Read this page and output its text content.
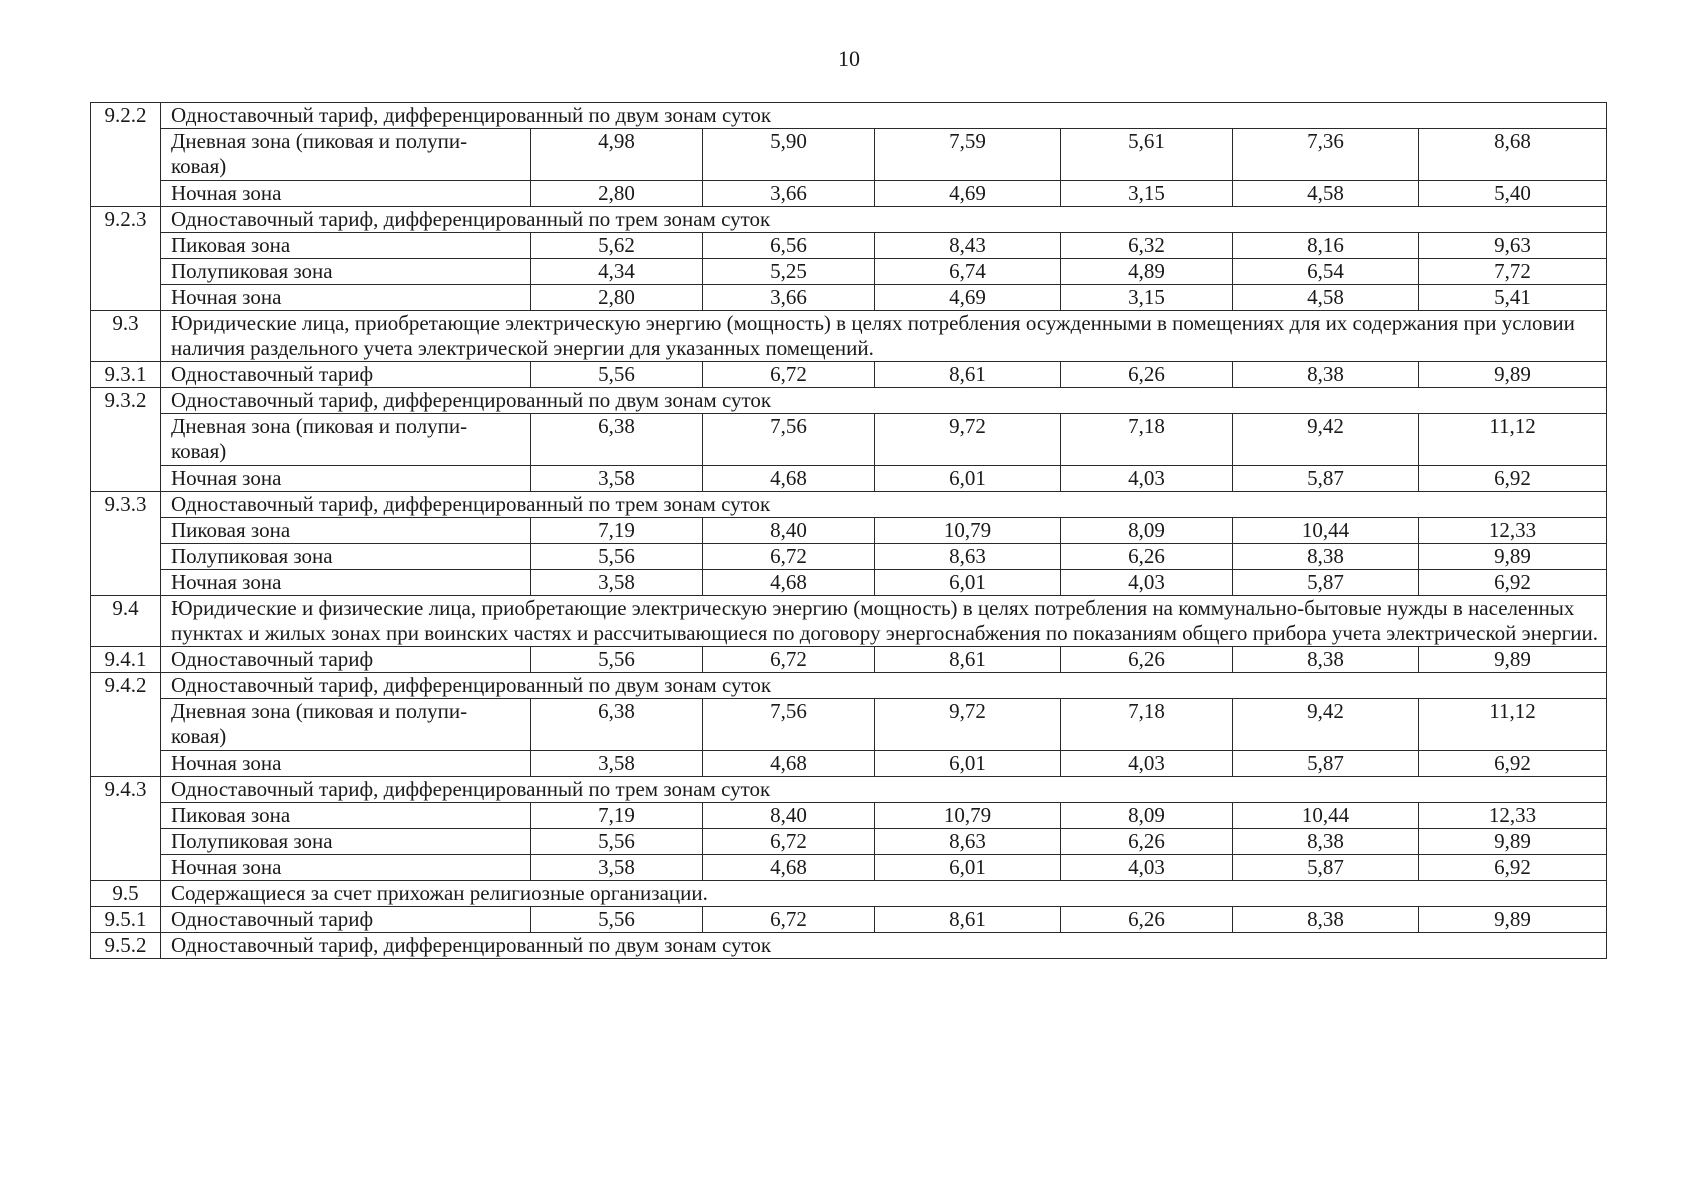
10
9.2.2	Одноставочный тариф, дифференцированный по двум зонам суток						
	Дневная зона (пиковая и полупи-
ковая)	4,98	5,90	7,59	5,61	7,36	8,68
	Ночная зона	2,80	3,66	4,69	3,15	4,58	5,40
9.2.3	Одноставочный тариф, дифференцированный по трем зонам суток						
	Пиковая зона	5,62	6,56	8,43	6,32	8,16	9,63
	Полупиковая зона	4,34	5,25	6,74	4,89	6,54	7,72
	Ночная зона	2,80	3,66	4,69	3,15	4,58	5,41
9.3	Юридические лица, приобретающие электрическую энергию (мощность) в целях потребления осужденными в помещениях для их содержания при условии наличия раздельного учета электрической энергии для указанных помещений.						
9.3.1	Одноставочный тариф	5,56	6,72	8,61	6,26	8,38	9,89
9.3.2	Одноставочный тариф, дифференцированный по двум зонам суток						
	Дневная зона (пиковая и полупи-
ковая)	6,38	7,56	9,72	7,18	9,42	11,12
	Ночная зона	3,58	4,68	6,01	4,03	5,87	6,92
9.3.3	Одноставочный тариф, дифференцированный по трем зонам суток						
	Пиковая зона	7,19	8,40	10,79	8,09	10,44	12,33
	Полупиковая зона	5,56	6,72	8,63	6,26	8,38	9,89
	Ночная зона	3,58	4,68	6,01	4,03	5,87	6,92
9.4	Юридические и физические лица, приобретающие электрическую энергию (мощность) в целях потребления на коммунально-бытовые нужды в населенных пунктах и жилых зонах при воинских частях и рассчитывающиеся по договору энергоснабжения по показаниям общего прибора учета электрической энергии.						
9.4.1	Одноставочный тариф	5,56	6,72	8,61	6,26	8,38	9,89
9.4.2	Одноставочный тариф, дифференцированный по двум зонам суток						
	Дневная зона (пиковая и полупи-
ковая)	6,38	7,56	9,72	7,18	9,42	11,12
	Ночная зона	3,58	4,68	6,01	4,03	5,87	6,92
9.4.3	Одноставочный тариф, дифференцированный по трем зонам суток						
	Пиковая зона	7,19	8,40	10,79	8,09	10,44	12,33
	Полупиковая зона	5,56	6,72	8,63	6,26	8,38	9,89
	Ночная зона	3,58	4,68	6,01	4,03	5,87	6,92
9.5	Содержащиеся за счет прихожан религиозные организации.						
9.5.1	Одноставочный тариф	5,56	6,72	8,61	6,26	8,38	9,89
9.5.2	Одноставочный тариф, дифференцированный по двум зонам суток						
